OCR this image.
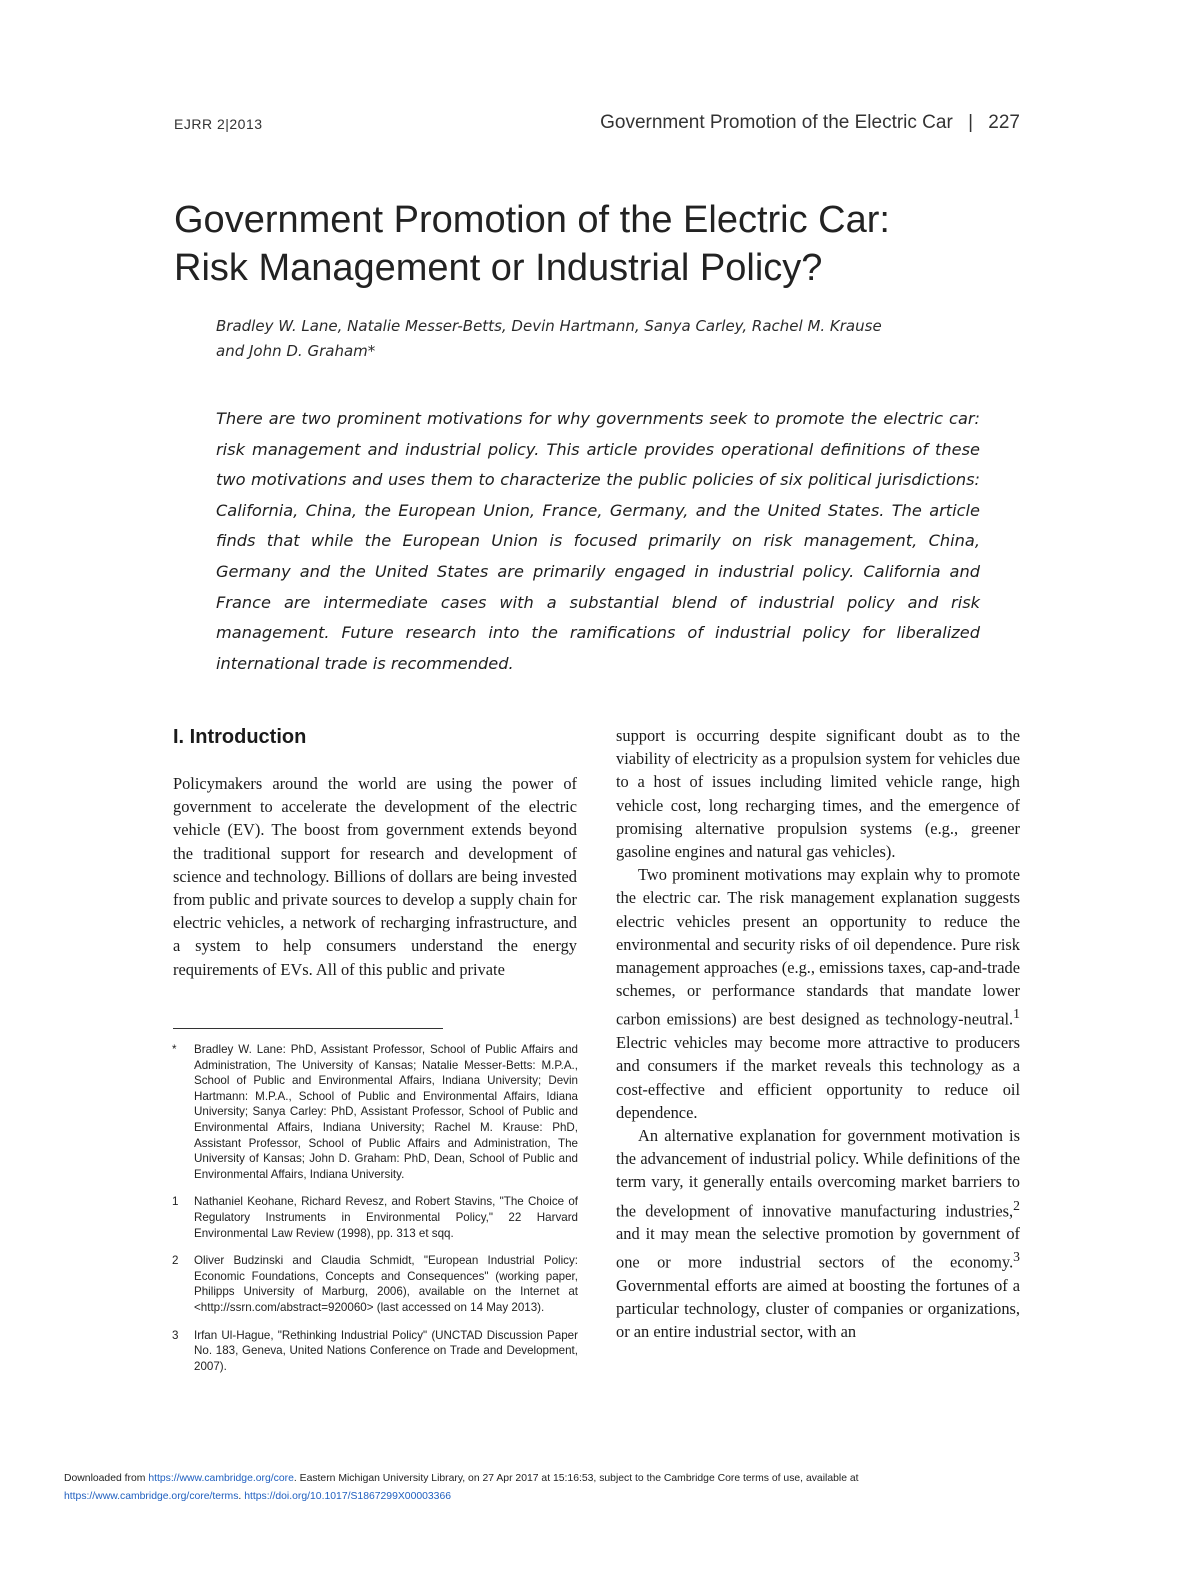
EJRR 2|2013	Government Promotion of the Electric Car | 227
Government Promotion of the Electric Car:
Risk Management or Industrial Policy?
Bradley W. Lane, Natalie Messer-Betts, Devin Hartmann, Sanya Carley, Rachel M. Krause
and John D. Graham*
There are two prominent motivations for why governments seek to promote the electric car: risk management and industrial policy. This article provides operational definitions of these two motivations and uses them to characterize the public policies of six political jurisdictions: California, China, the European Union, France, Germany, and the United States. The article finds that while the European Union is focused primarily on risk management, China, Germany and the United States are primarily engaged in industrial policy. California and France are intermediate cases with a substantial blend of industrial policy and risk management. Future research into the ramifications of industrial policy for liberalized international trade is recommended.
I. Introduction

Policymakers around the world are using the power of government to accelerate the development of the electric vehicle (EV). The boost from government extends beyond the traditional support for research and development of science and technology. Billions of dollars are being invested from public and private sources to develop a supply chain for electric vehicles, a network of recharging infrastructure, and a system to help consumers understand the energy requirements of EVs. All of this public and private

* Bradley W. Lane: PhD, Assistant Professor, School of Public Affairs and Administration, The University of Kansas; Natalie Messer-Betts: M.P.A., School of Public and Environmental Affairs, Indiana University; Devin Hartmann: M.P.A., School of Public and Environmental Affairs, Idiana University; Sanya Carley: PhD, Assistant Professor, School of Public and Environmental Affairs, Indiana University; Rachel M. Krause: PhD, Assistant Professor, School of Public Affairs and Administration, The University of Kansas; John D. Graham: PhD, Dean, School of Public and Environmental Affairs, Indiana University.
1 Nathaniel Keohane, Richard Revesz, and Robert Stavins, "The Choice of Regulatory Instruments in Environmental Policy," 22 Harvard Environmental Law Review (1998), pp. 313 et sqq.
2 Oliver Budzinski and Claudia Schmidt, "European Industrial Policy: Economic Foundations, Concepts and Consequences" (working paper, Philipps University of Marburg, 2006), available on the Internet at <http://ssrn.com/abstract=920060> (last accessed on 14 May 2013).
3 Irfan Ul-Hague, "Rethinking Industrial Policy" (UNCTAD Discussion Paper No. 183, Geneva, United Nations Conference on Trade and Development, 2007).

support is occurring despite significant doubt as to the viability of electricity as a propulsion system for vehicles due to a host of issues including limited vehicle range, high vehicle cost, long recharging times, and the emergence of promising alternative propulsion systems (e.g., greener gasoline engines and natural gas vehicles).

Two prominent motivations may explain why to promote the electric car. The risk management explanation suggests electric vehicles present an opportunity to reduce the environmental and security risks of oil dependence. Pure risk management approaches (e.g., emissions taxes, cap-and-trade schemes, or performance standards that mandate lower carbon emissions) are best designed as technology-neutral.$^1$ Electric vehicles may become more attractive to producers and consumers if the market reveals this technology as a cost-effective and efficient opportunity to reduce oil dependence.

An alternative explanation for government motivation is the advancement of industrial policy. While definitions of the term vary, it generally entails overcoming market barriers to the development of innovative manufacturing industries,$^2$ and it may mean the selective promotion by government of one or more industrial sectors of the economy.$^3$ Governmental efforts are aimed at boosting the fortunes of a particular technology, cluster of companies or organizations, or an entire industrial sector, with an

Downloaded from https://www.cambridge.org/core. Eastern Michigan University Library, on 27 Apr 2017 at 15:16:53, subject to the Cambridge Core terms of use, available at
https://www.cambridge.org/core/terms. https://doi.org/10.1017/S1867299X00003366
